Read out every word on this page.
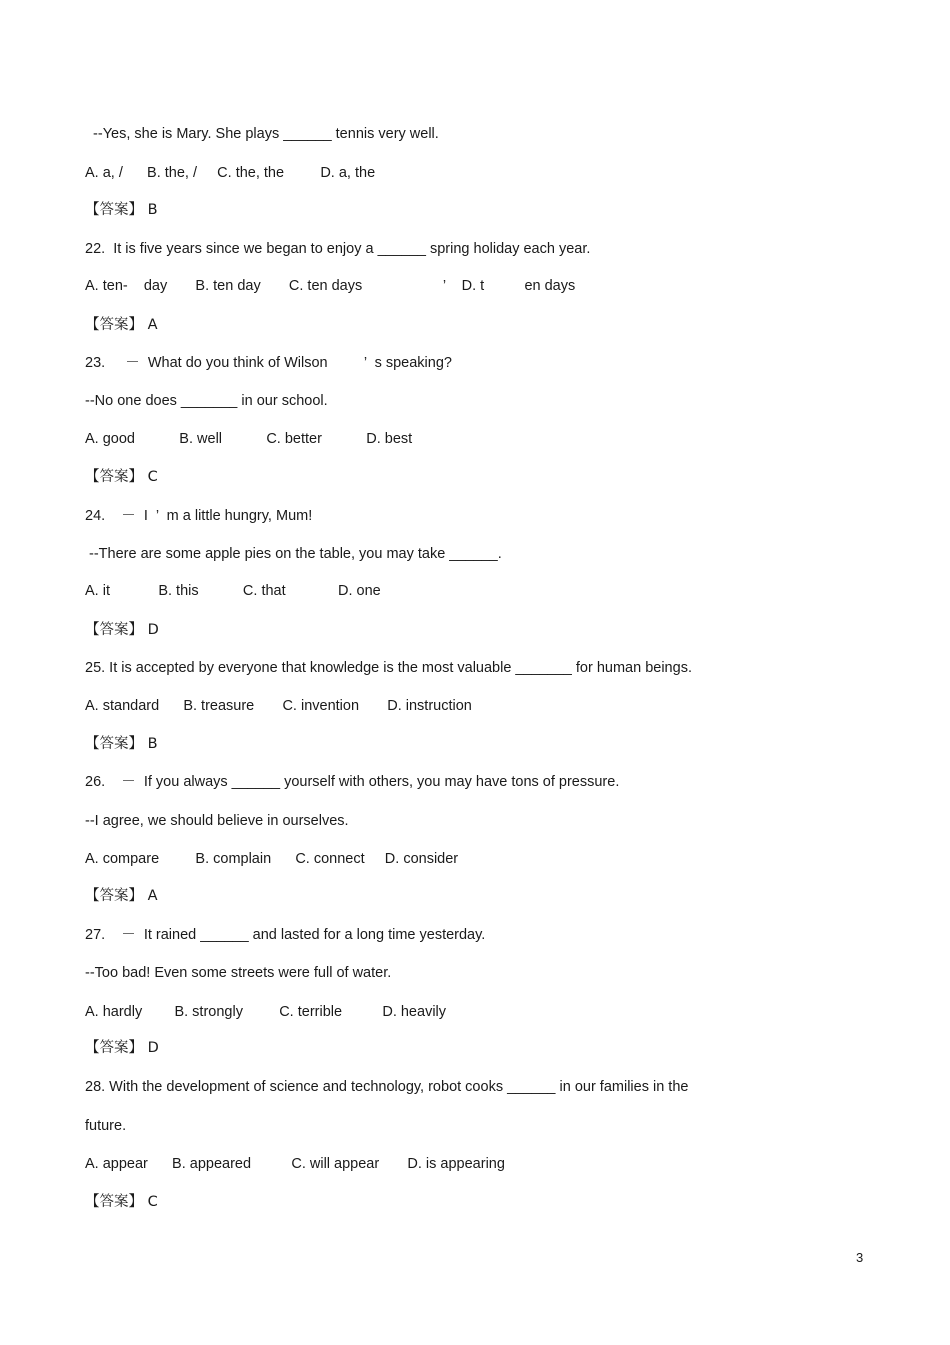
--Yes, she is Mary. She plays ______ tennis very well.
A. a, /      B. the, /     C. the, the         D. a, the
【答案】 B
22.  It is five years since we began to enjoy a ______ spring holiday each year.
A. ten-    day       B. ten day       C. ten days                    ’    D. t          en days
【答案】 A
23.     －  What do you think of Wilson         ’  s speaking?
--No one does _______ in our school.
A. good           B. well           C. better           D. best
【答案】 C
24.    －  I  ’  m a little hungry, Mum!
--There are some apple pies on the table, you may take ______.
A. it            B. this           C. that             D. one
【答案】 D
25. It is accepted by everyone that knowledge is the most valuable _______ for human beings.
A. standard      B. treasure       C. invention       D. instruction
【答案】 B
26.    －  If you always ______ yourself with others, you may have tons of pressure.
--I agree, we should believe in ourselves.
A. compare         B. complain      C. connect     D. consider
【答案】 A
27.    －  It rained ______ and lasted for a long time yesterday.
--Too bad! Even some streets were full of water.
A. hardly        B. strongly         C. terrible          D. heavily
【答案】 D
28. With the development of science and technology, robot cooks ______ in our families in the
future.
A. appear      B. appeared          C. will appear       D. is appearing
【答案】 C
3
